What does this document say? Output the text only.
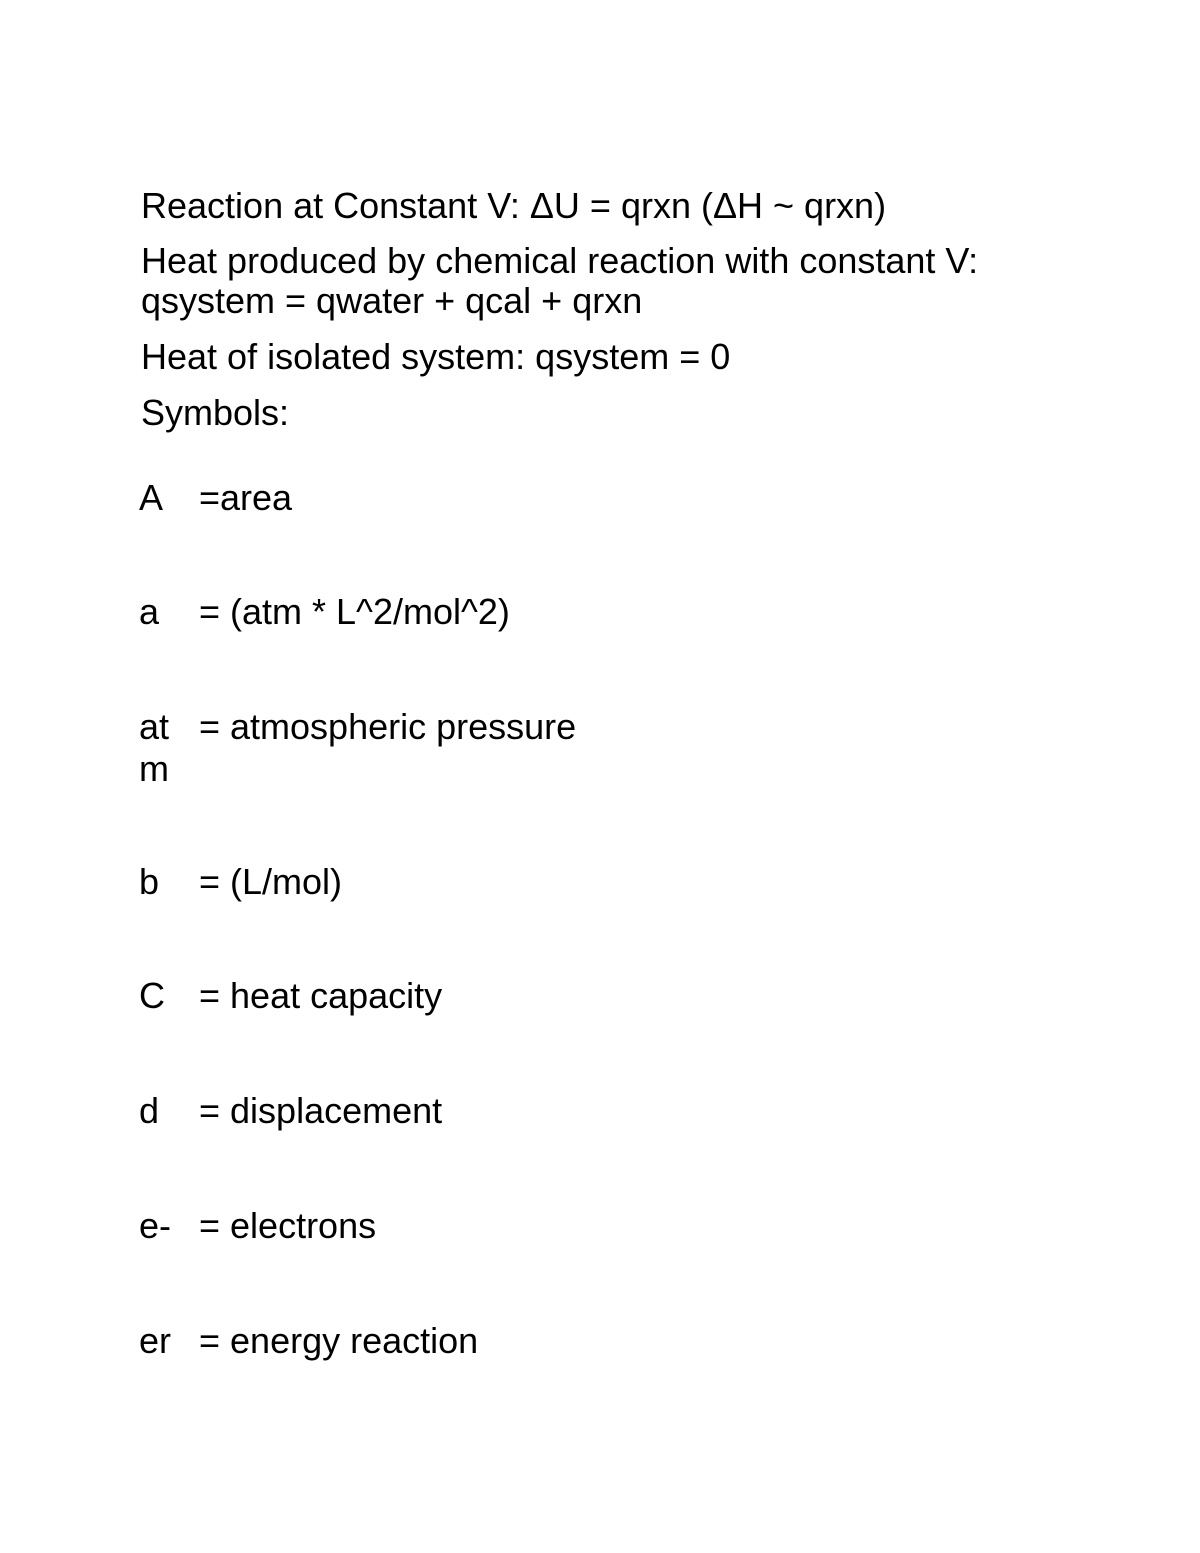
Reaction at Constant V: ΔU = qrxn (ΔH ~ qrxn)
Heat produced by chemical reaction with constant V:
qsystem = qwater + qcal + qrxn
Heat of isolated system: qsystem = 0
Symbols:
A =area
a	= (atm * L^2/mol^2)
atm
= atmospheric pressure
b	= (L/mol)
C = heat capacity
d	= displacement
e- = electrons
er = energy reaction
